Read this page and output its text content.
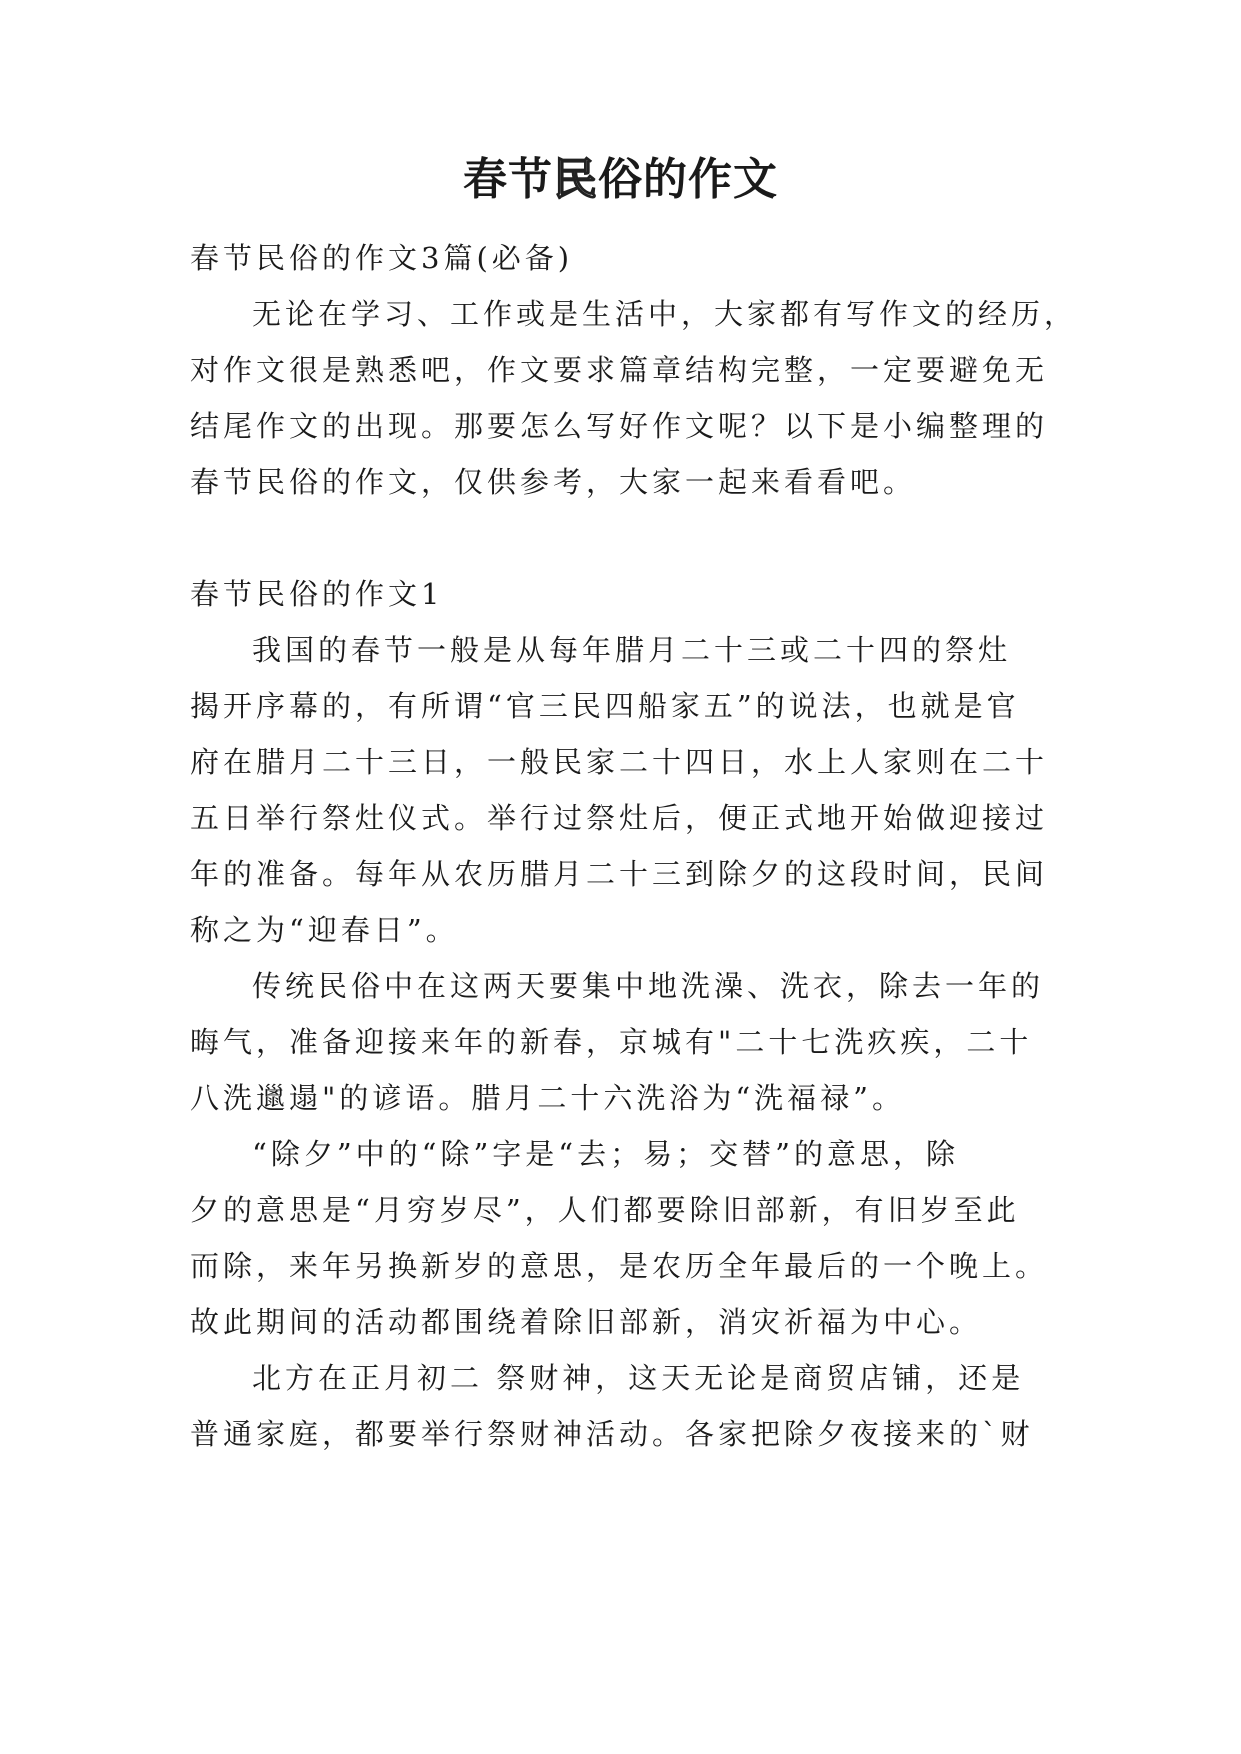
春节民俗的作文

春节民俗的作文3篇(必备)

无论在学习、工作或是生活中，大家都有写作文的经历，
对作文很是熟悉吧，作文要求篇章结构完整，一定要避免无
结尾作文的出现。那要怎么写好作文呢？以下是小编整理的
春节民俗的作文，仅供参考，大家一起来看看吧。

春节民俗的作文1

我国的春节一般是从每年腊月二十三或二十四的祭灶
揭开序幕的，有所谓“官三民四船家五”的说法，也就是官
府在腊月二十三日，一般民家二十四日，水上人家则在二十
五日举行祭灶仪式。举行过祭灶后，便正式地开始做迎接过
年的准备。每年从农历腊月二十三到除夕的这段时间，民间
称之为“迎春日”。
传统民俗中在这两天要集中地洗澡、洗衣，除去一年的
晦气，准备迎接来年的新春，京城有"二十七洗疚疾，二十
八洗邋遢"的谚语。腊月二十六洗浴为“洗福禄”。
“除夕”中的“除”字是“去；易；交替”的意思，除
夕的意思是“月穷岁尽”，人们都要除旧部新，有旧岁至此
而除，来年另换新岁的意思，是农历全年最后的一个晚上。
故此期间的活动都围绕着除旧部新，消灾祈福为中心。
北方在正月初二 祭财神，这天无论是商贸店铺，还是
普通家庭，都要举行祭财神活动。各家把除夕夜接来的`财
